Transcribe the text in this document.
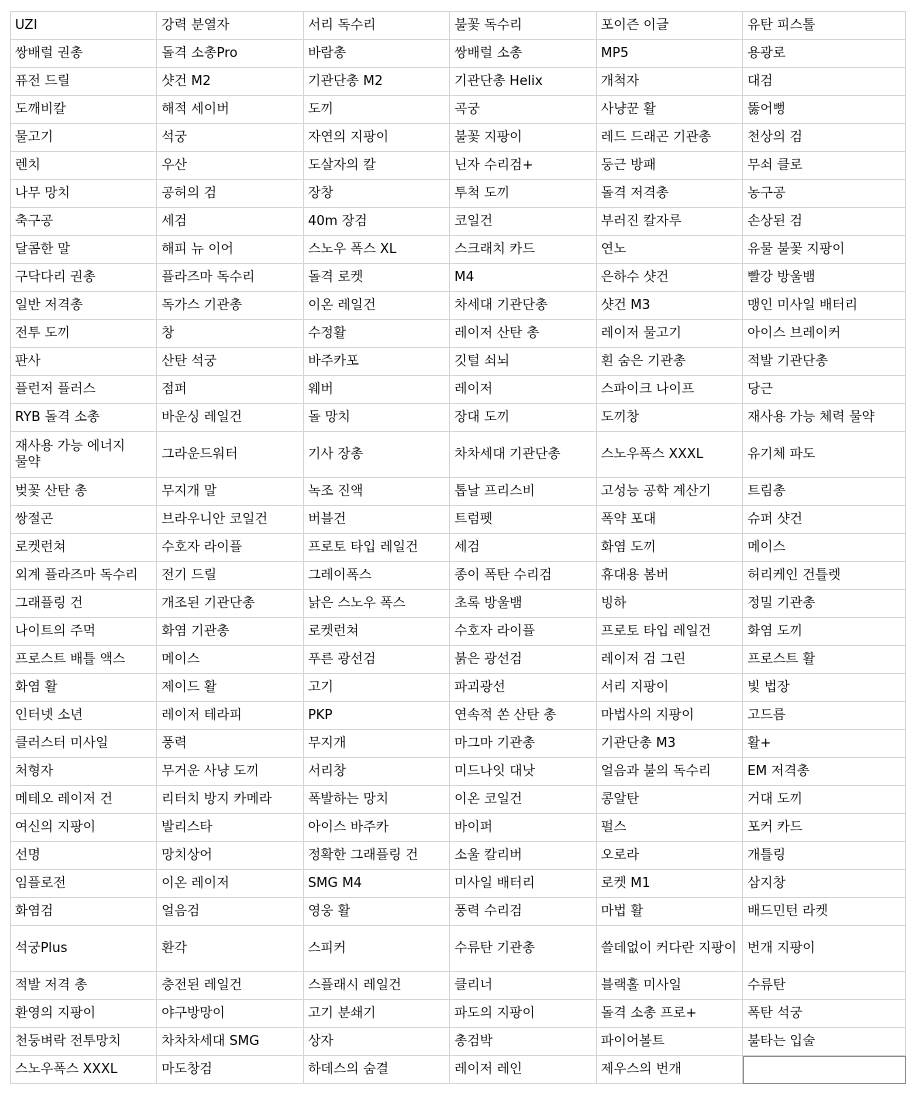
UZI	강력 분열자	서리 독수리	불꽃 독수리	포이즌 이글	유탄 피스톨
쌍배럴 권총	돌격 소총Pro	바람총	쌍배럴 소총	MP5	용광로
퓨전 드릴	샷건 M2	기관단총 M2	기관단총 Helix	개척자	대검
도깨비칼	해적 세이버	도끼	곡궁	사냥꾼 활	뚫어뻥
물고기	석궁	자연의 지팡이	불꽃 지팡이	레드 드래곤 기관총	천상의 검
렌치	우산	도살자의 칼	닌자 수리검+	둥근 방패	무쇠 클로
나무 망치	공허의 검	장창	투척 도끼	돌격 저격총	농구공
축구공	세검	40m 장검	코일건	부러진 칼자루	손상된 검
달콤한 말	해피 뉴 이어	스노우 폭스 XL	스크래치 카드	연노	유물 불꽃 지팡이
구닥다리 권총	플라즈마 독수리	돌격 로켓	M4	은하수 샷건	빨강 방울뱀
일반 저격총	독가스 기관총	이온 레일건	차세대 기관단총	샷건 M3	맹인 미사일 배터리
전투 도끼	창	수정활	레이저 산탄 총	레이저 물고기	아이스 브레이커
판사	산탄 석궁	바주카포	깃털 쇠뇌	흰 숨은 기관총	적발 기관단총
플런저 플러스	점퍼	웨버	레이저	스파이크 나이프	당근
RYB 돌격 소총	바운싱 레일건	돌 망치	장대 도끼	도끼창	재사용 가능 체력 물약
재사용 가능 에너지 물약	그라운드워터	기사 장총	차차세대 기관단총	스노우폭스 XXXL	유기체 파도
벚꽃 산탄 총	무지개 말	녹조 진액	톱날 프리스비	고성능 공학 계산기	트림총
쌍절곤	브라우니안 코일건	버블건	트럼펫	폭약 포대	슈퍼 샷건
로켓런쳐	수호자 라이플	프로토 타입 레일건	세검	화염 도끼	메이스
외계 플라즈마 독수리	전기 드릴	그레이폭스	종이 폭탄 수리검	휴대용 봄버	허리케인 건틀렛
그래플링 건	개조된 기관단총	낡은 스노우 폭스	초록 방울뱀	빙하	정밀 기관총
나이트의 주먹	화염 기관총	로켓런쳐	수호자 라이플	프로토 타입 레일건	화염 도끼
프로스트 배틀 액스	메이스	푸른 광선검	붉은 광선검	레이저 검 그린	프로스트 활
화염 활	제이드 활	고기	파괴광선	서리 지팡이	빛 법장
인터넷 소년	레이저 테라피	PKP	연속적 쏜 산탄 총	마법사의 지팡이	고드름
클러스터 미사일	풍력	무지개	마그마 기관총	기관단총 M3	활+
처형자	무거운 사냥 도끼	서리창	미드나잇 대낫	얼음과 불의 독수리	EM 저격총
메테오 레이저 건	리터치 방지 카메라	폭발하는 망치	이온 코일건	콩알탄	거대 도끼
여신의 지팡이	발리스타	아이스 바주카	바이퍼	펄스	포커 카드
선명	망치상어	정확한 그래플링 건	소울 칼리버	오로라	개틀링
임플로전	이온 레이저	SMG M4	미사일 배터리	로켓 M1	삼지창
화염검	얼음검	영웅 활	풍력 수리검	마법 활	배드민턴 라켓
석궁Plus	환각	스피커	수류탄 기관총	쓸데없이 커다란 지팡이	번개 지팡이
적발 저격 총	충전된 레일건	스플래시 레일건	클리너	블랙홀 미사일	수류탄
환영의 지팡이	야구방망이	고기 분쇄기	파도의 지팡이	돌격 소총 프로+	폭탄 석궁
천둥벼락 전투망치	차차차세대 SMG	상자	총검박	파이어볼트	불타는 입술
스노우폭스 XXXL	마도창검	하데스의 숨결	레이저 레인	제우스의 번개	
